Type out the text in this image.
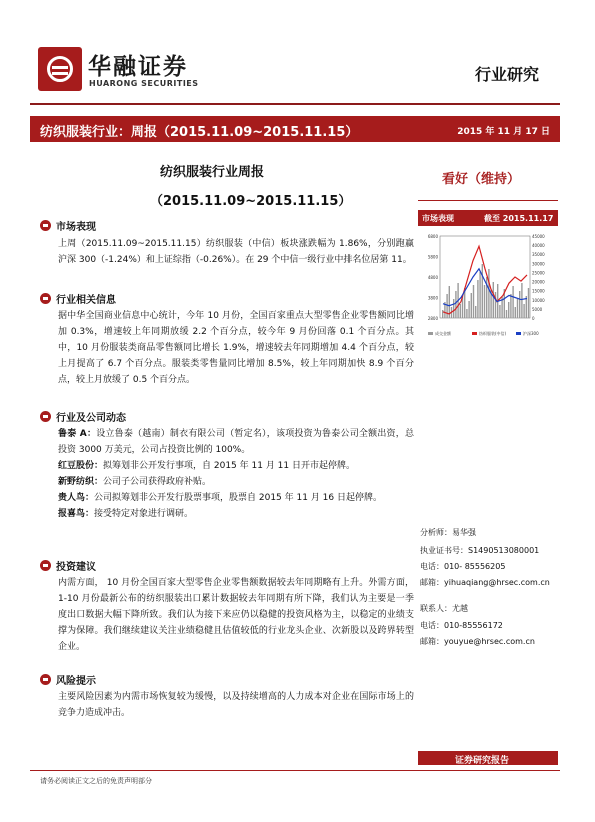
华融证券
HUARONG SECURITIES	行业研究
纺织服装行业：周报（2015.11.09~2015.11.15）	2015 年 11 月 17 日
纺织服装行业周报
（2015.11.09~2015.11.15）
看好（维持）
市场表现
上周（2015.11.09~2015.11.15）纺织服装（中信）板块涨跌幅为 1.86%，分别跑赢沪深 300（-1.24%）和上证综指（-0.26%）。在 29 个中信一级行业中排名位居第 11。
行业相关信息
据中华全国商业信息中心统计，今年 10 月份，全国百家重点大型零售企业零售额同比增加 0.3%，增速较上年同期放缓 2.2 个百分点，较今年 9 月份回落 0.1 个百分点。其中，10 月份服装类商品零售额同比增长 1.9%，增速较去年同期增加 4.4 个百分点，较上月提高了 6.7 个百分点。服装类零售量同比增加 8.5%，较上年同期加快 8.9 个百分点，较上月放缓了 0.5 个百分点。
行业及公司动态
鲁泰 A：设立鲁泰（越南）制衣有限公司（暂定名），该项投资为鲁泰公司全额出资，总投资 3000 万美元，公司占投资比例的 100%。
红豆股份：拟筹划非公开发行事项，自 2015 年 11 月 11 日开市起停牌。
新野纺织：公司子公司获得政府补贴。
贵人鸟：公司拟筹划非公开发行股票事项，股票自 2015 年 11 月 16 日起停牌。
报喜鸟：接受特定对象进行调研。
投资建议
内需方面， 10 月份全国百家大型零售企业零售额数据较去年同期略有上升。外需方面，1-10 月份最新公布的纺织服装出口累计数据较去年同期有所下降，我们认为主要是一季度出口数据大幅下降所致。我们认为接下来应仍以稳健的投资风格为主，以稳定的业绩支撑为保障。我们继续建议关注业绩稳健且估值较低的行业龙头企业、次新股以及跨界转型企业。
风险提示
主要风险因素为内需市场恢复较为缓慢，以及持续增高的人力成本对企业在国际市场上的竞争力造成冲击。
市场表现	截至 2015.11.17
6800
5800
4800
3800
2800
45000
40000
35000
30000
25000
20000
15000
10000
5000
0
成交金额	纺织服装(中信)	沪深300
分析师：易华强
执业证书号：S1490513080001
电话：010- 85556205
邮箱：yihuaqiang@hrsec.com.cn
联系人：尤越
电话：010-85556172
邮箱：youyue@hrsec.com.cn
证券研究报告
请务必阅读正文之后的免责声明部分
